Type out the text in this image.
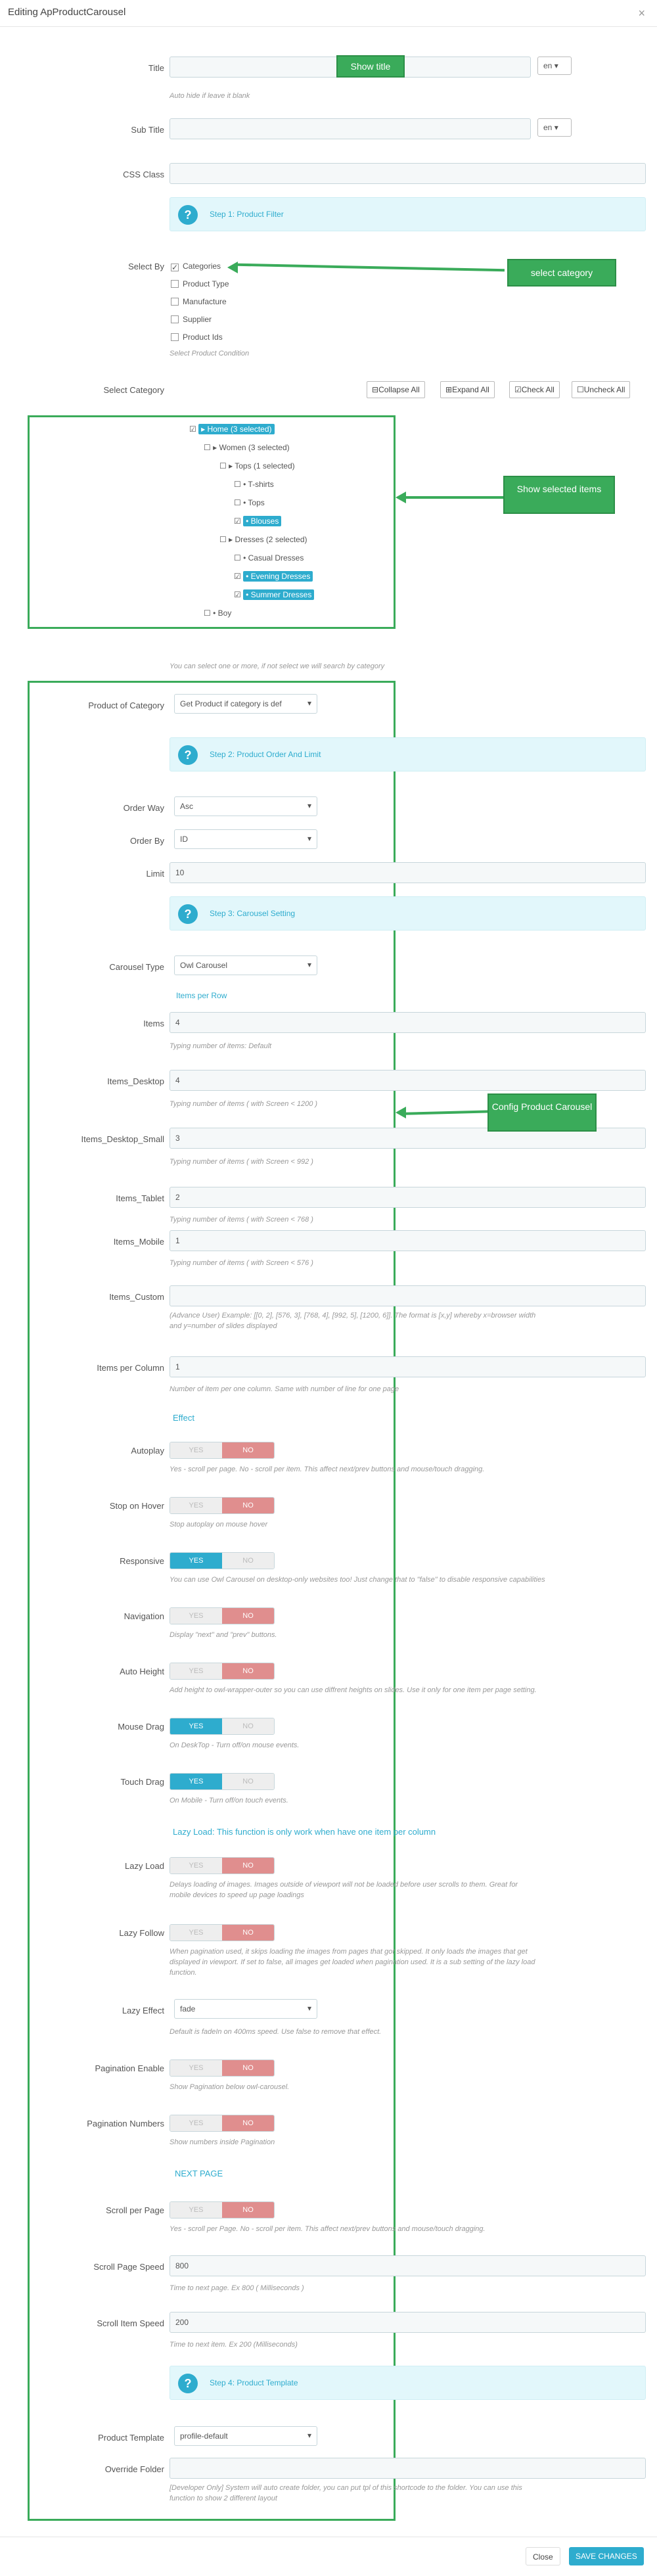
Editing ApProductCarousel	×
Title	en ▾
Auto hide if leave it blank
Show title
Sub Title	en ▾
CSS Class
?	Step 1: Product Filter
Select By ✓ Categories
Product Type
Manufacture
Supplier
Product Ids
Select Product Condition
select category
Select Category	⊟Collapse All	⊞Expand All	☑Check All	☐Uncheck All
☑ ▸ Home (3 selected)
☐ ▸ Women (3 selected)
☐ ▸ Tops (1 selected)
☐ • T-shirts
☐ • Tops
☑ • Blouses
☐ ▸ Dresses (2 selected)
☐ • Casual Dresses
☑ • Evening Dresses
☑ • Summer Dresses
☐ • Boy
Show selected items
You can select one or more, if not select we will search by category
Product of Category	Get Product if category is def ▾
?	Step 2: Product Order And Limit
Order Way	Asc ▾
Order By	ID ▾
Limit	10
?	Step 3: Carousel Setting
Carousel Type	Owl Carousel ▾
Items per Row
Items	4
Typing number of items: Default
Items_Desktop	4
Typing number of items ( with Screen < 1200 )
Items_Desktop_Small	3
Typing number of items ( with Screen < 992 )
Config Product Carousel
Items_Tablet	2
Typing number of items ( with Screen < 768 )
Items_Mobile	1
Typing number of items ( with Screen < 576 )
Items_Custom
(Advance User) Example: [[0, 2], [576, 3], [768, 4], [992, 5], [1200, 6]]. The format is [x,y] whereby x=browser width
and y=number of slides displayed
Items per Column	1
Number of item per one column. Same with number of line for one page
Effect
Autoplay	YES	NO
Yes - scroll per page. No - scroll per item. This affect next/prev buttons and mouse/touch dragging.
Stop on Hover	YES	NO
Stop autoplay on mouse hover
Responsive	YES	NO
You can use Owl Carousel on desktop-only websites too! Just change that to "false" to disable responsive capabilities
Navigation	YES	NO
Display "next" and "prev" buttons.
Auto Height	YES	NO
Add height to owl-wrapper-outer so you can use diffrent heights on slides. Use it only for one item per page setting.
Mouse Drag	YES	NO
On DeskTop - Turn off/on mouse events.
Touch Drag	YES	NO
On Mobile - Turn off/on touch events.
Lazy Load: This function is only work when have one item per column
Lazy Load	YES	NO
Delays loading of images. Images outside of viewport will not be loaded before user scrolls to them. Great for
mobile devices to speed up page loadings
Lazy Follow	YES	NO
When pagination used, it skips loading the images from pages that got skipped. It only loads the images that get
displayed in viewport. If set to false, all images get loaded when pagination used. It is a sub setting of the lazy load
function.
Lazy Effect	fade ▾
Default is fadeIn on 400ms speed. Use false to remove that effect.
Pagination Enable	YES	NO
Show Pagination below owl-carousel.
Pagination Numbers	YES	NO
Show numbers inside Pagination
NEXT PAGE
Scroll per Page	YES	NO
Yes - scroll per Page. No - scroll per item. This affect next/prev buttons and mouse/touch dragging.
Scroll Page Speed	800
Time to next page. Ex 800 ( Milliseconds )
Scroll Item Speed	200
Time to next item. Ex 200 (Milliseconds)
?	Step 4: Product Template
Product Template	profile-default ▾
Override Folder
[Developer Only] System will auto create folder, you can put tpl of this shortcode to the folder. You can use this
function to show 2 different layout
Close	SAVE CHANGES
